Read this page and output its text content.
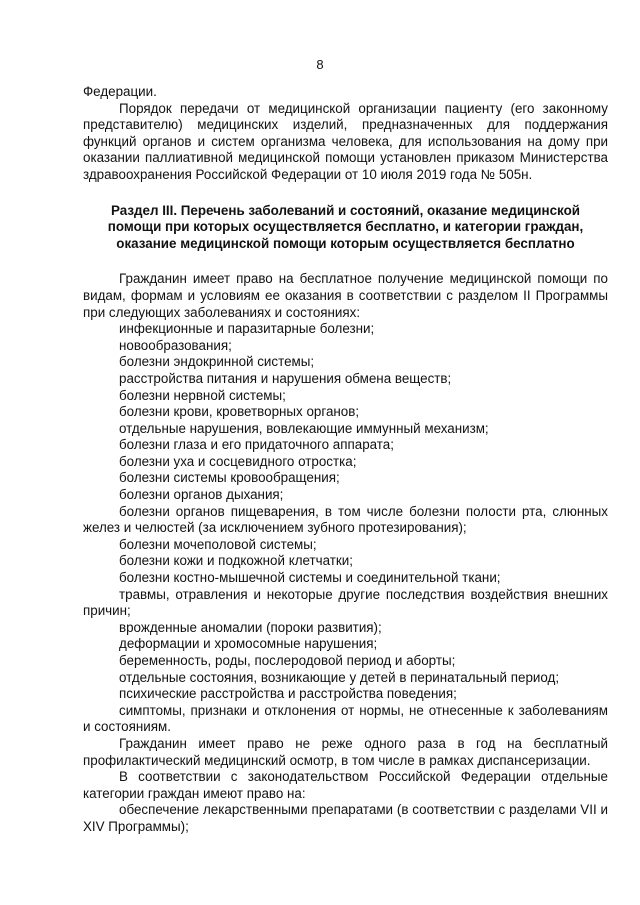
8

Федерации.

Порядок передачи от медицинской организации пациенту (его законному представителю) медицинских изделий, предназначенных для поддержания функций органов и систем организма человека, для использования на дому при оказании паллиативной медицинской помощи установлен приказом Министерства здравоохранения Российской Федерации от 10 июля 2019 года № 505н.

Раздел III. Перечень заболеваний и состояний, оказание медицинской
помощи при которых осуществляется бесплатно, и категории граждан,
оказание медицинской помощи которым осуществляется бесплатно

Гражданин имеет право на бесплатное получение медицинской помощи по видам, формам и условиям ее оказания в соответствии с разделом II Программы при следующих заболеваниях и состояниях:

инфекционные и паразитарные болезни;

новообразования;

болезни эндокринной системы;

расстройства питания и нарушения обмена веществ;

болезни нервной системы;

болезни крови, кроветворных органов;

отдельные нарушения, вовлекающие иммунный механизм;

болезни глаза и его придаточного аппарата;

болезни уха и сосцевидного отростка;

болезни системы кровообращения;

болезни органов дыхания;

болезни органов пищеварения, в том числе болезни полости рта, слюнных желез и челюстей (за исключением зубного протезирования);

болезни мочеполовой системы;

болезни кожи и подкожной клетчатки;

болезни костно-мышечной системы и соединительной ткани;

травмы, отравления и некоторые другие последствия воздействия внешних причин;

врожденные аномалии (пороки развития);

деформации и хромосомные нарушения;

беременность, роды, послеродовой период и аборты;

отдельные состояния, возникающие у детей в перинатальный период;

психические расстройства и расстройства поведения;

симптомы, признаки и отклонения от нормы, не отнесенные к заболеваниям и состояниям.

Гражданин имеет право не реже одного раза в год на бесплатный профилактический медицинский осмотр, в том числе в рамках диспансеризации.

В соответствии с законодательством Российской Федерации отдельные категории граждан имеют право на:

обеспечение лекарственными препаратами (в соответствии с разделами VII и XIV Программы);
